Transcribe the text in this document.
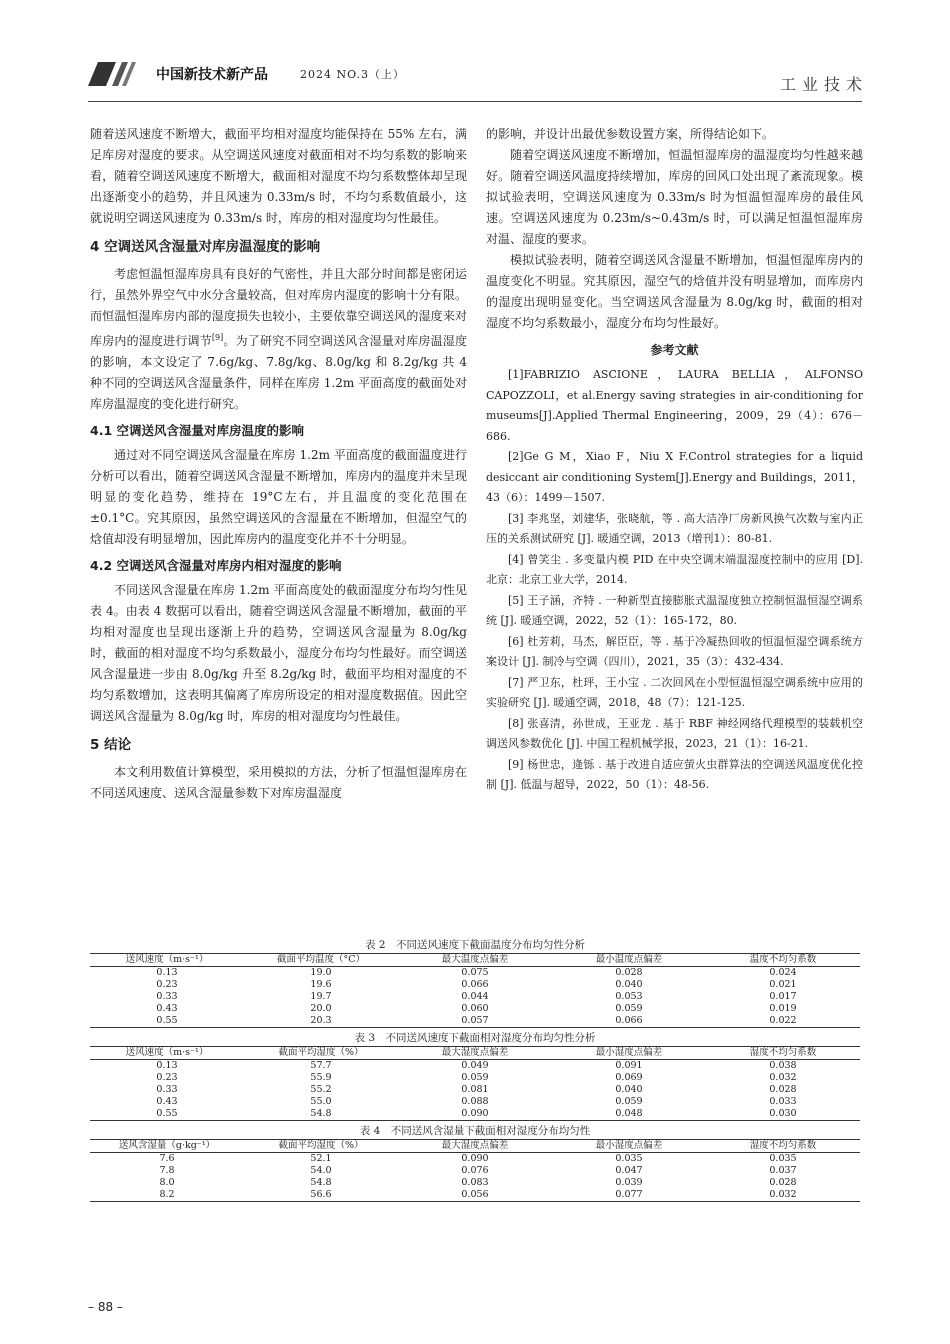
中国新技术新产品	2024 NO.3（上）
工业技术

随着送风速度不断增大，截面平均相对湿度均能保持在 55% 左右，满足库房对湿度的要求。从空调送风速度对截面相对不均匀系数的影响来看，随着空调送风速度不断增大，截面相对湿度不均匀系数整体却呈现出逐渐变小的趋势，并且风速为 0.33m/s 时，不均匀系数值最小，这就说明空调送风速度为 0.33m/s 时，库房的相对湿度均匀性最佳。

4 空调送风含湿量对库房温湿度的影响

考虑恒温恒湿库房具有良好的气密性，并且大部分时间都是密闭运行，虽然外界空气中水分含量较高，但对库房内湿度的影响十分有限。而恒温恒湿库房内部的湿度损失也较小，主要依靠空调送风的湿度来对库房内的湿度进行调节[9]。为了研究不同空调送风含湿量对库房温湿度的影响，本文设定了 7.6g/kg、7.8g/kg、8.0g/kg 和 8.2g/kg 共 4 种不同的空调送风含湿量条件，同样在库房 1.2m 平面高度的截面处对库房温湿度的变化进行研究。

4.1 空调送风含湿量对库房温度的影响

通过对不同空调送风含湿量在库房 1.2m 平面高度的截面温度进行分析可以看出，随着空调送风含湿量不断增加，库房内的温度并未呈现明显的变化趋势，维持在 19°C左右，并且温度的变化范围在 ±0.1°C。究其原因，虽然空调送风的含湿量在不断增加，但湿空气的焓值却没有明显增加，因此库房内的温度变化并不十分明显。

4.2 空调送风含湿量对库房内相对湿度的影响

不同送风含湿量在库房 1.2m 平面高度处的截面湿度分布均匀性见表 4。由表 4 数据可以看出，随着空调送风含湿量不断增加，截面的平均相对湿度也呈现出逐渐上升的趋势，空调送风含湿量为 8.0g/kg 时，截面的相对湿度不均匀系数最小，湿度分布均匀性最好。而空调送风含湿量进一步由 8.0g/kg 升至 8.2g/kg 时，截面平均相对湿度的不均匀系数增加，这表明其偏离了库房所设定的相对湿度数据值。因此空调送风含湿量为 8.0g/kg 时，库房的相对湿度均匀性最佳。

5 结论

本文利用数值计算模型，采用模拟的方法，分析了恒温恒湿库房在不同送风速度、送风含湿量参数下对库房温湿度

的影响，并设计出最优参数设置方案，所得结论如下。

随着空调送风速度不断增加，恒温恒湿库房的温湿度均匀性越来越好。随着空调送风温度持续增加，库房的回风口处出现了紊流现象。模拟试验表明，空调送风速度为 0.33m/s 时为恒温恒湿库房的最佳风速。空调送风速度为 0.23m/s~0.43m/s 时，可以满足恒温恒湿库房对温、湿度的要求。

模拟试验表明，随着空调送风含湿量不断增加，恒温恒湿库房内的温度变化不明显。究其原因，湿空气的焓值并没有明显增加，而库房内的湿度出现明显变化。当空调送风含湿量为 8.0g/kg 时，截面的相对湿度不均匀系数最小，湿度分布均匀性最好。

参考文献

[1]FABRIZIO ASCIONE，LAURA BELLIA，ALFONSO CAPOZZOLI，et al.Energy saving strategies in air-conditioning for museums[J].Applied Thermal Engineering，2009，29（4）：676－686.

[2]Ge G M，Xiao F，Niu X F.Control strategies for a liquid desiccant air conditioning System[J].Energy and Buildings，2011，43（6）：1499－1507.

[3] 李兆坚，刘建华，张晓航，等 . 高大洁净厂房新风换气次数与室内正压的关系测试研究 [J]. 暖通空调，2013（增刊1）：80-81.

[4] 曾笑尘 . 多变量内模 PID 在中央空调末端温湿度控制中的应用 [D]. 北京：北京工业大学，2014.

[5] 王子涵，齐特 . 一种新型直接膨胀式温湿度独立控制恒温恒湿空调系统 [J]. 暖通空调，2022，52（1）：165-172，80.

[6] 杜芳莉，马杰，解臣臣，等 . 基于冷凝热回收的恒温恒湿空调系统方案设计 [J]. 制冷与空调（四川），2021，35（3）：432-434.

[7] 严卫东，杜玶，王小宝 . 二次回风在小型恒温恒湿空调系统中应用的实验研究 [J]. 暖通空调，2018，48（7）：121-125.

[8] 张喜清，孙世成，王亚龙 . 基于 RBF 神经网络代理模型的装载机空调送风参数优化 [J]. 中国工程机械学报，2023，21（1）：16-21.

[9] 杨世忠，逄铄 . 基于改进自适应萤火虫群算法的空调送风温度优化控制 [J]. 低温与超导，2022，50（1）：48-56.

表 2　不同送风速度下截面温度分布均匀性分析
送风速度（m·s⁻¹）	截面平均温度（°C）	最大温度点偏差	最小温度点偏差	温度不均匀系数
0.13	19.0	0.075	0.028	0.024
0.23	19.6	0.066	0.040	0.021
0.33	19.7	0.044	0.053	0.017
0.43	20.0	0.060	0.059	0.019
0.55	20.3	0.057	0.066	0.022
表 3　不同送风速度下截面相对湿度分布均匀性分析
送风速度（m·s⁻¹）	截面平均湿度（%）	最大湿度点偏差	最小湿度点偏差	湿度不均匀系数
0.13	57.7	0.049	0.091	0.038
0.23	55.9	0.059	0.069	0.032
0.33	55.2	0.081	0.040	0.028
0.43	55.0	0.088	0.059	0.033
0.55	54.8	0.090	0.048	0.030
表 4　不同送风含湿量下截面相对湿度分布均匀性
送风含湿量（g·kg⁻¹）	截面平均湿度（%）	最大湿度点偏差	最小湿度点偏差	湿度不均匀系数
7.6	52.1	0.090	0.035	0.035
7.8	54.0	0.076	0.047	0.037
8.0	54.8	0.083	0.039	0.028
8.2	56.6	0.056	0.077	0.032
– 88 –
